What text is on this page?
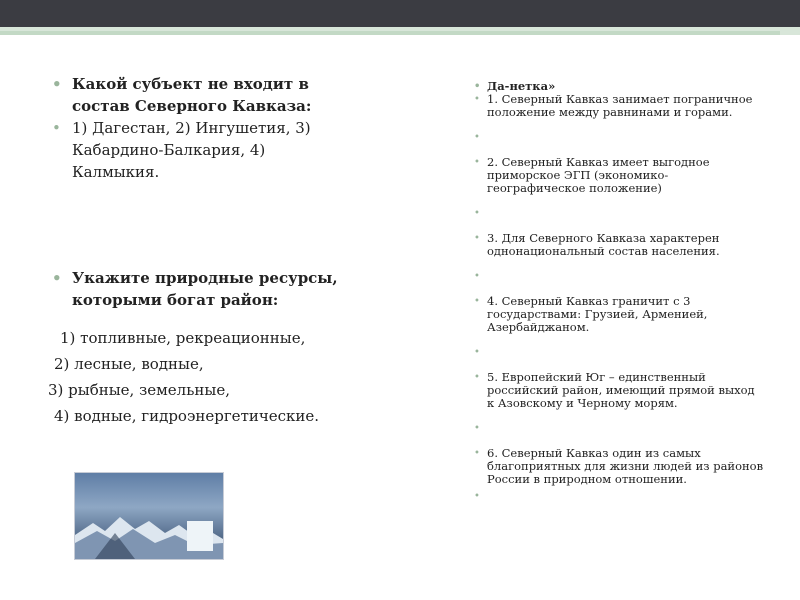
• Какой субъект не входит в состав Северного Кавказа:
• 1) Дагестан, 2) Ингушетия, 3) Кабардино-Балкария, 4) Калмыкия.
• Укажите природные ресурсы, которыми богат район:
1) топливные, рекреационные,
2) лесные, водные,
3) рыбные, земельные,
4) водные, гидроэнергетические.
• Да-нетка»
• 1. Северный Кавказ занимает пограничное положение между равнинами и горами.
•
• 2. Северный Кавказ имеет выгодное приморское ЭГП (экономико-географическое положение)
•
• 3. Для Северного Кавказа характерен однонациональный состав населения.
•
• 4. Северный Кавказ граничит с 3 государствами: Грузией, Арменией, Азербайджаном.
•
• 5. Европейский Юг – единственный российский район, имеющий прямой выход к Азовскому и Черному морям.
•
• 6. Северный Кавказ один из самых благоприятных для жизни людей из районов России в природном отношении.
•
